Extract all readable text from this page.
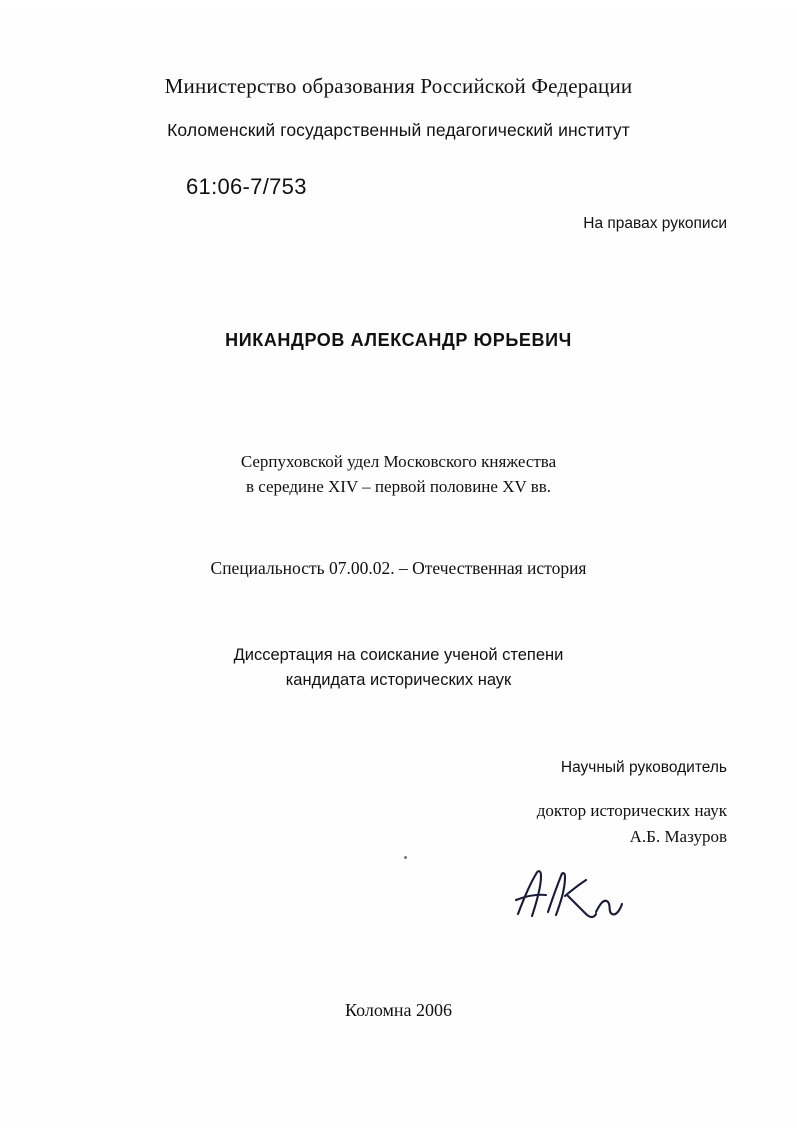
Министерство образования Российской Федерации
Коломенский государственный педагогический институт
61:06-7/753
На правах рукописи
НИКАНДРОВ АЛЕКСАНДР ЮРЬЕВИЧ
Серпуховской удел Московского княжества
в середине XIV – первой половине XV вв.
Специальность 07.00.02. – Отечественная история
Диссертация на соискание ученой степени
кандидата исторических наук
Научный руководитель
доктор исторических наук
А.Б. Мазуров
Коломна 2006
